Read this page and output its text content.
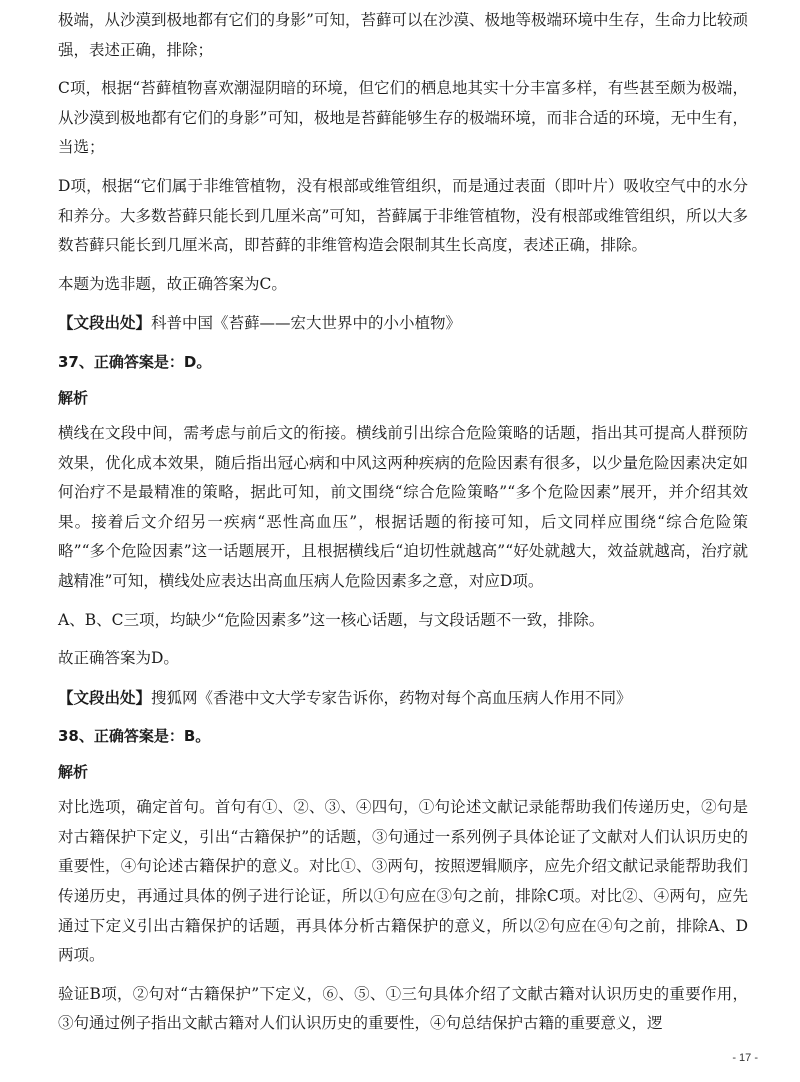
极端，从沙漠到极地都有它们的身影”可知，苔藓可以在沙漠、极地等极端环境中生存，生命力比较顽强，表述正确，排除；

C项，根据“苔藓植物喜欢潮湿阴暗的环境，但它们的栖息地其实十分丰富多样，有些甚至颇为极端，从沙漠到极地都有它们的身影”可知，极地是苔藓能够生存的极端环境，而非合适的环境，无中生有，当选；

D项，根据“它们属于非维管植物，没有根部或维管组织，而是通过表面（即叶片）吸收空气中的水分和养分。大多数苔藓只能长到几厘米高”可知，苔藓属于非维管植物，没有根部或维管组织，所以大多数苔藓只能长到几厘米高，即苔藓的非维管构造会限制其生长高度，表述正确，排除。

本题为选非题，故正确答案为C。

【文段出处】科普中国《苔藓——宏大世界中的小小植物》

37、正确答案是：D。

解析

横线在文段中间，需考虑与前后文的衔接。横线前引出综合危险策略的话题，指出其可提高人群预防效果，优化成本效果，随后指出冠心病和中风这两种疾病的危险因素有很多，以少量危险因素决定如何治疗不是最精准的策略，据此可知，前文围绕“综合危险策略”“多个危险因素”展开，并介绍其效果。接着后文介绍另一疾病“恶性高血压”，根据话题的衔接可知，后文同样应围绕“综合危险策略”“多个危险因素”这一话题展开，且根据横线后“迫切性就越高”“好处就越大，效益就越高，治疗就越精准”可知，横线处应表达出高血压病人危险因素多之意，对应D项。

A、B、C三项，均缺少“危险因素多”这一核心话题，与文段话题不一致，排除。

故正确答案为D。

【文段出处】搜狐网《香港中文大学专家告诉你，药物对每个高血压病人作用不同》

38、正确答案是：B。

解析

对比选项，确定首句。首句有①、②、③、④四句，①句论述文献记录能帮助我们传递历史，②句是对古籍保护下定义，引出“古籍保护”的话题，③句通过一系列例子具体论证了文献对人们认识历史的重要性，④句论述古籍保护的意义。对比①、③两句，按照逻辑顺序，应先介绍文献记录能帮助我们传递历史，再通过具体的例子进行论证，所以①句应在③句之前，排除C项。对比②、④两句，应先通过下定义引出古籍保护的话题，再具体分析古籍保护的意义，所以②句应在④句之前，排除A、D两项。

验证B项，②句对“古籍保护”下定义，⑥、⑤、①三句具体介绍了文献古籍对认识历史的重要作用，③句通过例子指出文献古籍对人们认识历史的重要性，④句总结保护古籍的重要意义，逻

- 17 -
